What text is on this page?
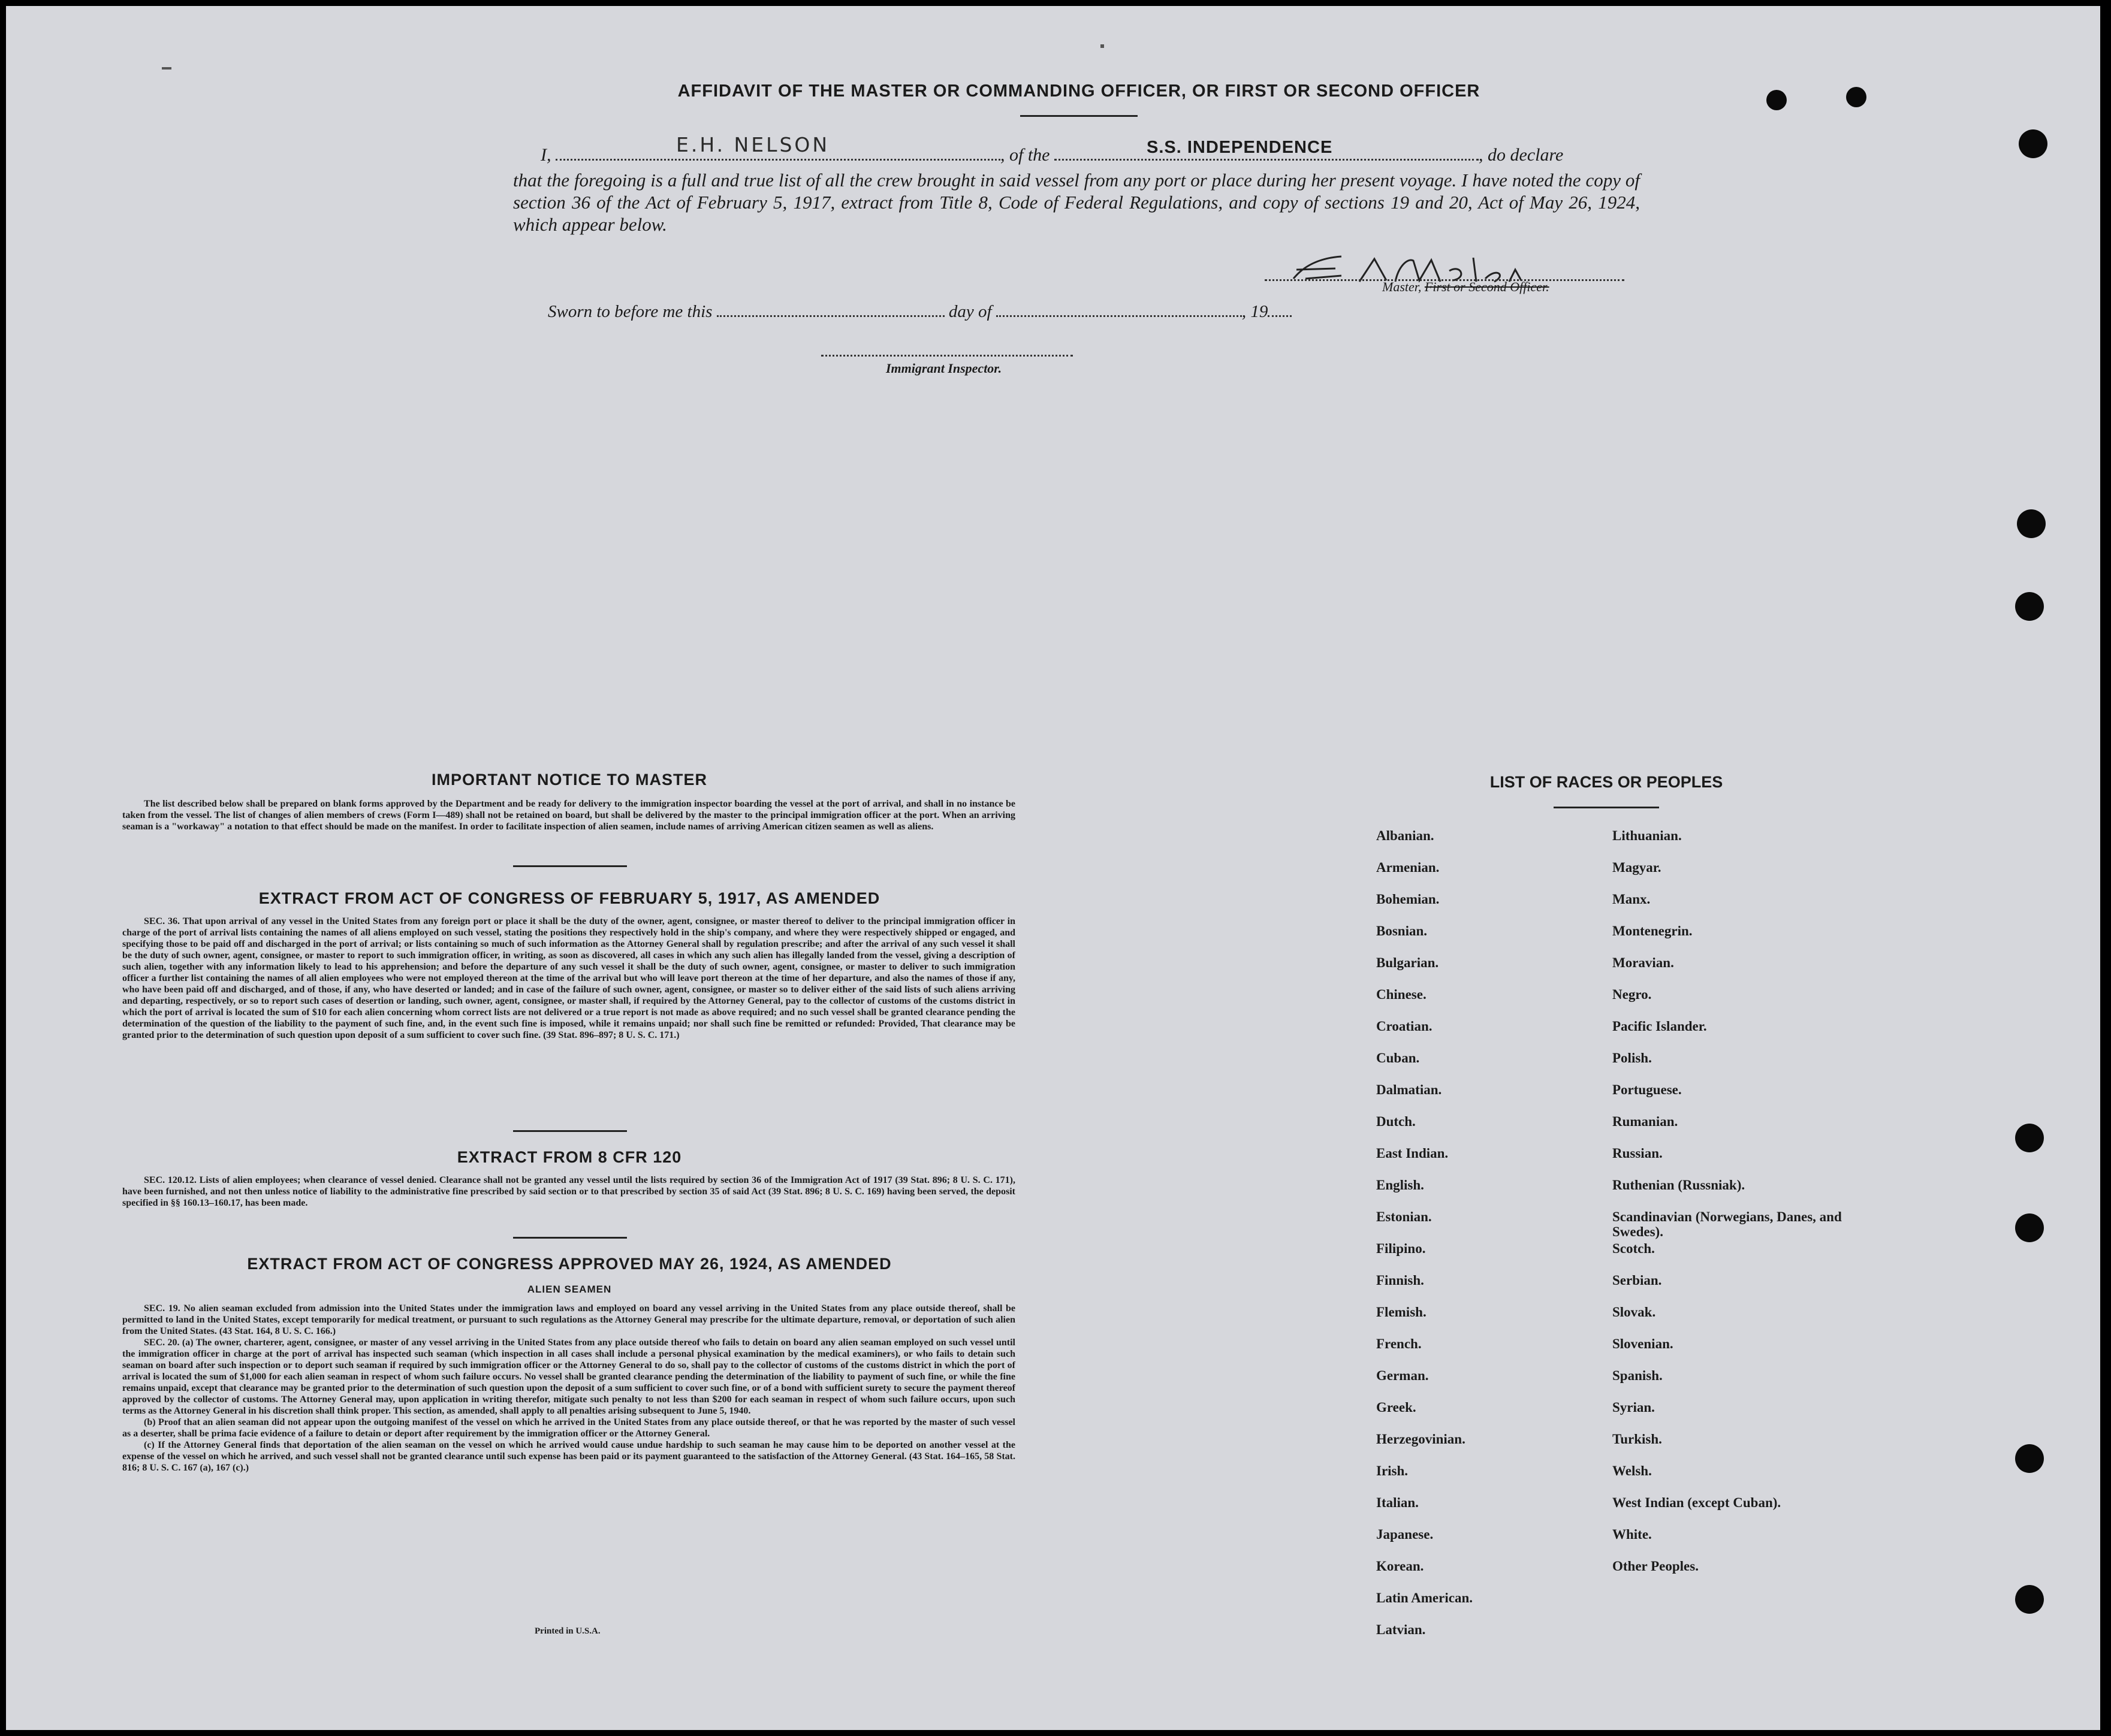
AFFIDAVIT OF THE MASTER OR COMMANDING OFFICER, OR FIRST OR SECOND OFFICER
I,	, of the	, do declare
E.H. NELSON	S.S. INDEPENDENCE
that the foregoing is a full and true list of all the crew brought in said vessel from any port or place during her present voyage. I have noted the copy of section 36 of the Act of February 5, 1917, extract from Title 8, Code of Federal Regulations, and copy of sections 19 and 20, Act of May 26, 1924, which appear below.
Master, First or Second Officer.
Sworn to before me this	day of	, 19
Immigrant Inspector.
IMPORTANT NOTICE TO MASTER

The list described below shall be prepared on blank forms approved by the Department and be ready for delivery to the immigration inspector boarding the vessel at the port of arrival, and shall in no instance be taken from the vessel. The list of changes of alien members of crews (Form I—489) shall not be retained on board, but shall be delivered by the master to the principal immigration officer at the port. When an arriving seaman is a "workaway" a notation to that effect should be made on the manifest. In order to facilitate inspection of alien seamen, include names of arriving American citizen seamen as well as aliens.

EXTRACT FROM ACT OF CONGRESS OF FEBRUARY 5, 1917, AS AMENDED

SEC. 36. That upon arrival of any vessel in the United States from any foreign port or place it shall be the duty of the owner, agent, consignee, or master thereof to deliver to the principal immigration officer in charge of the port of arrival lists containing the names of all aliens employed on such vessel, stating the positions they respectively hold in the ship's company, and where they were respectively shipped or engaged, and specifying those to be paid off and discharged in the port of arrival; or lists containing so much of such information as the Attorney General shall by regulation prescribe; and after the arrival of any such vessel it shall be the duty of such owner, agent, consignee, or master to report to such immigration officer, in writing, as soon as discovered, all cases in which any such alien has illegally landed from the vessel, giving a description of such alien, together with any information likely to lead to his apprehension; and before the departure of any such vessel it shall be the duty of such owner, agent, consignee, or master to deliver to such immigration officer a further list containing the names of all alien employees who were not employed thereon at the time of the arrival but who will leave port thereon at the time of her departure, and also the names of those if any, who have been paid off and discharged, and of those, if any, who have deserted or landed; and in case of the failure of such owner, agent, consignee, or master so to deliver either of the said lists of such aliens arriving and departing, respectively, or so to report such cases of desertion or landing, such owner, agent, consignee, or master shall, if required by the Attorney General, pay to the collector of customs of the customs district in which the port of arrival is located the sum of $10 for each alien concerning whom correct lists are not delivered or a true report is not made as above required; and no such vessel shall be granted clearance pending the determination of the question of the liability to the payment of such fine, and, in the event such fine is imposed, while it remains unpaid; nor shall such fine be remitted or refunded: Provided, That clearance may be granted prior to the determination of such question upon deposit of a sum sufficient to cover such fine. (39 Stat. 896–897; 8 U. S. C. 171.)

EXTRACT FROM 8 CFR 120

SEC. 120.12. Lists of alien employees; when clearance of vessel denied. Clearance shall not be granted any vessel until the lists required by section 36 of the Immigration Act of 1917 (39 Stat. 896; 8 U. S. C. 171), have been furnished, and not then unless notice of liability to the administrative fine prescribed by said section or to that prescribed by section 35 of said Act (39 Stat. 896; 8 U. S. C. 169) having been served, the deposit specified in §§ 160.13–160.17, has been made.

EXTRACT FROM ACT OF CONGRESS APPROVED MAY 26, 1924, AS AMENDED
ALIEN SEAMEN

SEC. 19. No alien seaman excluded from admission into the United States under the immigration laws and employed on board any vessel arriving in the United States from any place outside thereof, shall be permitted to land in the United States, except temporarily for medical treatment, or pursuant to such regulations as the Attorney General may prescribe for the ultimate departure, removal, or deportation of such alien from the United States. (43 Stat. 164, 8 U. S. C. 166.)

SEC. 20. (a) The owner, charterer, agent, consignee, or master of any vessel arriving in the United States from any place outside thereof who fails to detain on board any alien seaman employed on such vessel until the immigration officer in charge at the port of arrival has inspected such seaman (which inspection in all cases shall include a personal physical examination by the medical examiners), or who fails to detain such seaman on board after such inspection or to deport such seaman if required by such immigration officer or the Attorney General to do so, shall pay to the collector of customs of the customs district in which the port of arrival is located the sum of $1,000 for each alien seaman in respect of whom such failure occurs. No vessel shall be granted clearance pending the determination of the liability to payment of such fine, or while the fine remains unpaid, except that clearance may be granted prior to the determination of such question upon the deposit of a sum sufficient to cover such fine, or of a bond with sufficient surety to secure the payment thereof approved by the collector of customs. The Attorney General may, upon application in writing therefor, mitigate such penalty to not less than $200 for each seaman in respect of whom such failure occurs, upon such terms as the Attorney General in his discretion shall think proper. This section, as amended, shall apply to all penalties arising subsequent to June 5, 1940.

(b) Proof that an alien seaman did not appear upon the outgoing manifest of the vessel on which he arrived in the United States from any place outside thereof, or that he was reported by the master of such vessel as a deserter, shall be prima facie evidence of a failure to detain or deport after requirement by the immigration officer or the Attorney General.

(c) If the Attorney General finds that deportation of the alien seaman on the vessel on which he arrived would cause undue hardship to such seaman he may cause him to be deported on another vessel at the expense of the vessel on which he arrived, and such vessel shall not be granted clearance until such expense has been paid or its payment guaranteed to the satisfaction of the Attorney General. (43 Stat. 164–165, 58 Stat. 816; 8 U. S. C. 167 (a), 167 (c).)

Printed in U.S.A.
LIST OF RACES OR PEOPLES
Albanian.
Armenian.
Bohemian.
Bosnian.
Bulgarian.
Chinese.
Croatian.
Cuban.
Dalmatian.
Dutch.
East Indian.
English.
Estonian.
Filipino.
Finnish.
Flemish.
French.
German.
Greek.
Herzegovinian.
Irish.
Italian.
Japanese.
Korean.
Latin American.
Latvian.
Lithuanian.
Magyar.
Manx.
Montenegrin.
Moravian.
Negro.
Pacific Islander.
Polish.
Portuguese.
Rumanian.
Russian.
Ruthenian (Russniak).
Scandinavian (Norwegians, Danes, and Swedes).
Scotch.
Serbian.
Slovak.
Slovenian.
Spanish.
Syrian.
Turkish.
Welsh.
West Indian (except Cuban).
White.
Other Peoples.
